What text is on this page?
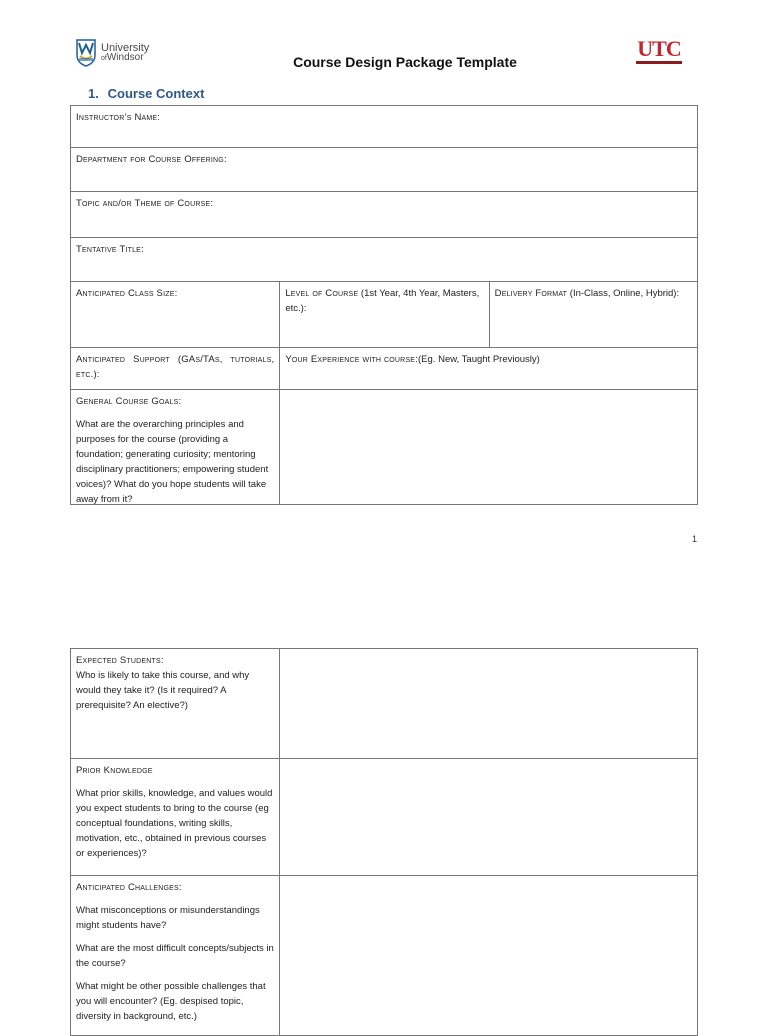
University
ofWindsor	Course Design Package Template
UTC
1. Course Context
Instructor’s Name:
Department for Course Offering:
Topic and/or Theme of Course:
Tentative Title:
Anticipated Class Size:	Level of Course (1st Year, 4th Year, Masters, etc.):
Delivery Format (In-Class, Online, Hybrid):
Anticipated Support (GAs/TAs, tutorials, etc.):
Your Experience with course:(Eg. New, Taught Previously)
General Course Goals:
What are the overarching principles and purposes for the course (providing a foundation; generating curiosity; mentoring disciplinary practitioners; empowering student voices)? What do you hope students will take away from it?
1
Expected Students:
Who is likely to take this course, and why would they take it? (Is it required? A prerequisite? An elective?)
Prior Knowledge
What prior skills, knowledge, and values would you expect students to bring to the course (eg conceptual foundations, writing skills, motivation, etc., obtained in previous courses or experiences)?
Anticipated Challenges:
What misconceptions or misunderstandings might students have?
What are the most difficult concepts/subjects in the course?
What might be other possible challenges that you will encounter? (Eg. despised topic, diversity in background, etc.)
